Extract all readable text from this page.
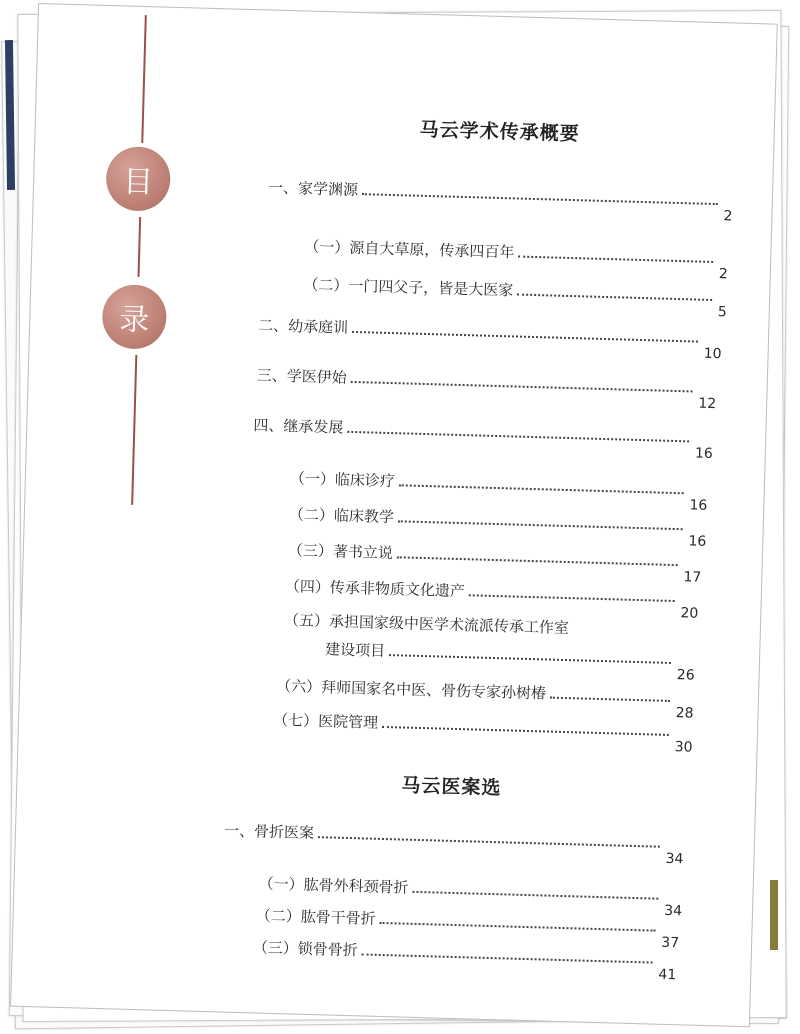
目
录
马云学术传承概要
一、家学渊源
2
（一）源自大草原，传承四百年
2
（二）一门四父子，皆是大医家
5
二、幼承庭训
10
三、学医伊始
12
四、继承发展
16
（一）临床诊疗
16
（二）临床教学
16
（三）著书立说
17
（四）传承非物质文化遗产
20
（五）承担国家级中医学术流派传承工作室
建设项目
26
（六）拜师国家名中医、骨伤专家孙树椿
28
（七）医院管理
30
马云医案选
一、骨折医案
34
（一）肱骨外科颈骨折
34
（二）肱骨干骨折
37
（三）锁骨骨折
41
